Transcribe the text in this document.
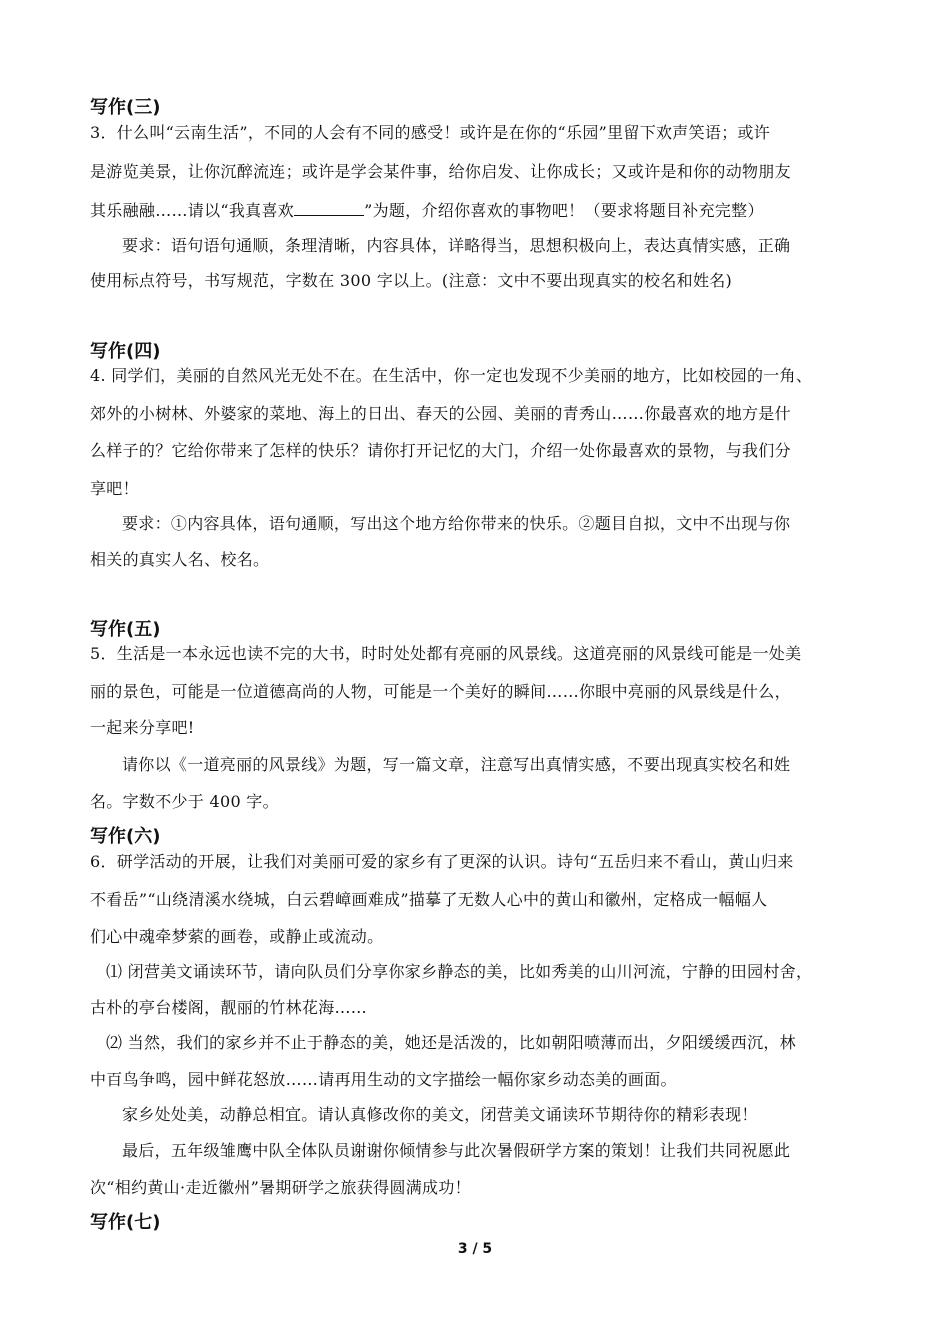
写作(三)
3．什么叫“云南生活”，不同的人会有不同的感受！或许是在你的“乐园”里留下欢声笑语；或许
是游览美景，让你沉醉流连；或许是学会某件事，给你启发、让你成长；又或许是和你的动物朋友
其乐融融……请以“我真喜欢	”为题，介绍你喜欢的事物吧！（要求将题目补充完整）
要求：语句语句通顺，条理清晰，内容具体，详略得当，思想积极向上，表达真情实感，正确
使用标点符号，书写规范，字数在 300 字以上。(注意：文中不要出现真实的校名和姓名)
写作(四)
4. 同学们，美丽的自然风光无处不在。在生活中，你一定也发现不少美丽的地方，比如校园的一角、
郊外的小树林、外婆家的菜地、海上的日出、春天的公园、美丽的青秀山……你最喜欢的地方是什
么样子的？它给你带来了怎样的快乐？请你打开记忆的大门，介绍一处你最喜欢的景物，与我们分
享吧！
要求：①内容具体，语句通顺，写出这个地方给你带来的快乐。②题目自拟，文中不出现与你
相关的真实人名、校名。
写作(五)
5．生活是一本永远也读不完的大书，时时处处都有亮丽的风景线。这道亮丽的风景线可能是一处美
丽的景色，可能是一位道德高尚的人物，可能是一个美好的瞬间……你眼中亮丽的风景线是什么，
一起来分享吧!
请你以《一道亮丽的风景线》为题，写一篇文章，注意写出真情实感，不要出现真实校名和姓
名。字数不少于 400 字。
写作(六)
6．研学活动的开展，让我们对美丽可爱的家乡有了更深的认识。诗句“五岳归来不看山，黄山归来
不看岳”“山绕清溪水绕城，白云碧嶂画难成”描摹了无数人心中的黄山和徽州，定格成一幅幅人
们心中魂牵梦萦的画卷，或静止或流动。
⑴ 闭营美文诵读环节，请向队员们分享你家乡静态的美，比如秀美的山川河流，宁静的田园村舍，
古朴的亭台楼阁，靓丽的竹林花海……
⑵ 当然，我们的家乡并不止于静态的美，她还是活泼的，比如朝阳喷薄而出，夕阳缓缓西沉，林
中百鸟争鸣，园中鲜花怒放……请再用生动的文字描绘一幅你家乡动态美的画面。
家乡处处美，动静总相宜。请认真修改你的美文，闭营美文诵读环节期待你的精彩表现！
最后，五年级雏鹰中队全体队员谢谢你倾情参与此次暑假研学方案的策划！让我们共同祝愿此
次“相约黄山·走近徽州”暑期研学之旅获得圆满成功！
写作(七)
3 / 5
